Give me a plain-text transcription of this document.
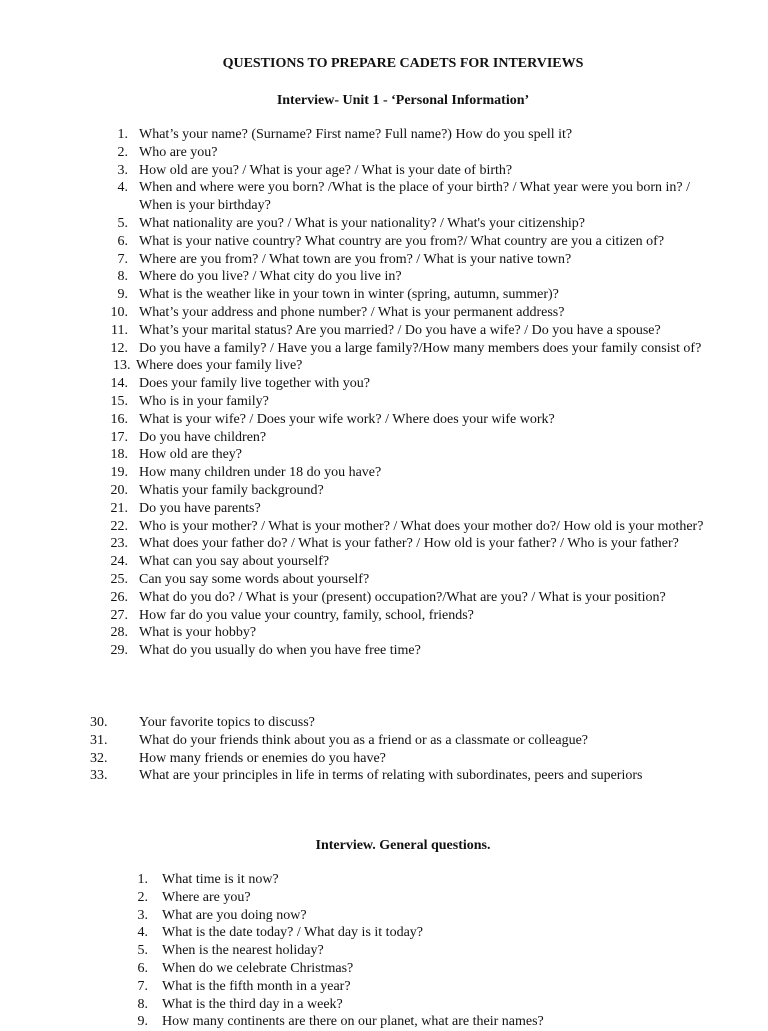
QUESTIONS TO PREPARE CADETS FOR INTERVIEWS
Interview- Unit 1 - ‘Personal Information’
1. What’s your name? (Surname? First name? Full name?) How do you spell it?
2. Who are you?
3. How old are you? / What is your age? / What is your date of birth?
4. When and where were you born? /What is the place of your birth? / What year were you born in? / When is your birthday?
5. What nationality are you? / What is your nationality? / What's your citizenship?
6. What is your native country? What country are you from?/ What country are you a citizen of?
7. Where are you from? / What town are you from? / What is your native town?
8. Where do you live? / What city do you live in?
9. What is the weather like in your town in winter (spring, autumn, summer)?
10. What’s your address and phone number? / What is your permanent address?
11. What’s your marital status? Are you married? / Do you have a wife? / Do you have a spouse?
12. Do you have a family? / Have you a large family?/How many members does your family consist of?
13. Where does your family live?
14. Does your family live together with you?
15. Who is in your family?
16. What is your wife? / Does your wife work? / Where does your wife work?
17. Do you have children?
18. How old are they?
19. How many children under 18 do you have?
20. Whatis your family background?
21. Do you have parents?
22. Who is your mother? / What is your mother? / What does your mother do?/ How old is your mother?
23. What does your father do? / What is your father? / How old is your father? / Who is your father?
24. What can you say about yourself?
25. Can you say some words about yourself?
26. What do you do? / What is your (present) occupation?/What are you? / What is your position?
27. How far do you value your country, family, school, friends?
28. What is your hobby?
29. What do you usually do when you have free time?
30. Your favorite topics to discuss?
31. What do your friends think about you as a friend or as a classmate or colleague?
32. How many friends or enemies do you have?
33.	What are your principles in life in terms of relating with subordinates, peers and superiors
Interview. General questions.
1. What time is it now?
2. Where are you?
3. What are you doing now?
4. What is the date today? / What day is it today?
5. When is the nearest holiday?
6. When do we celebrate Christmas?
7. What is the fifth month in a year?
8. What is the third day in a week?
9. How many continents are there on our planet, what are their names?
